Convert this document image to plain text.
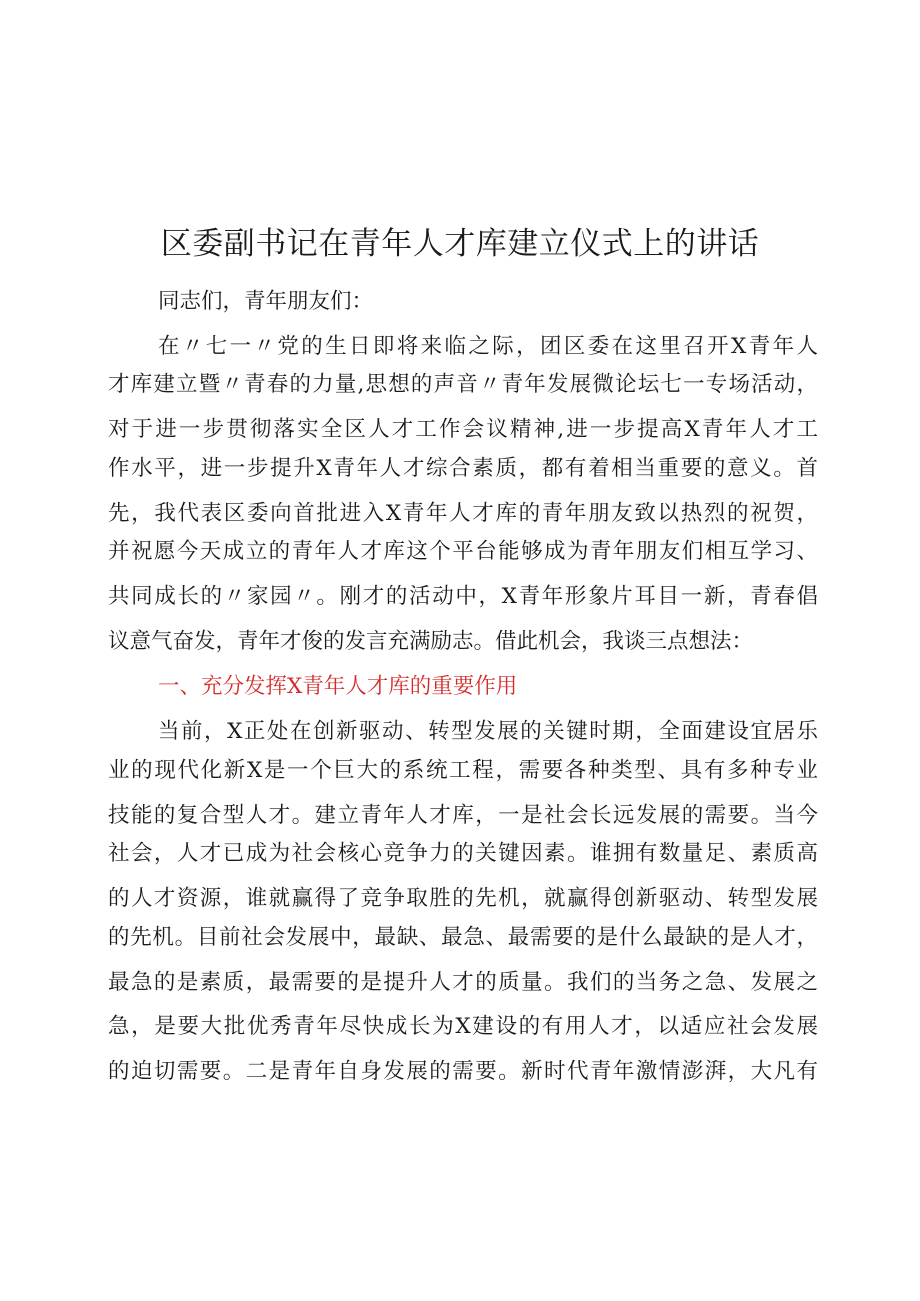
区委副书记在青年人才库建立仪式上的讲话
同志们，青年朋友们：
在〃七一〃党的生日即将来临之际，团区委在这里召开X青年人
才库建立暨〃青春的力量,思想的声音〃青年发展微论坛七一专场活动，
对于进一步贯彻落实全区人才工作会议精神,进一步提高X青年人才工
作水平，进一步提升X青年人才综合素质，都有着相当重要的意义。首
先，我代表区委向首批进入X青年人才库的青年朋友致以热烈的祝贺，
并祝愿今天成立的青年人才库这个平台能够成为青年朋友们相互学习、
共同成长的〃家园〃。刚才的活动中，X青年形象片耳目一新，青春倡
议意气奋发，青年才俊的发言充满励志。借此机会，我谈三点想法：
一、充分发挥X青年人才库的重要作用
当前，X正处在创新驱动、转型发展的关键时期，全面建设宜居乐
业的现代化新X是一个巨大的系统工程，需要各种类型、具有多种专业
技能的复合型人才。建立青年人才库，一是社会长远发展的需要。当今
社会，人才已成为社会核心竞争力的关键因素。谁拥有数量足、素质高
的人才资源，谁就赢得了竞争取胜的先机，就赢得创新驱动、转型发展
的先机。目前社会发展中，最缺、最急、最需要的是什么最缺的是人才，
最急的是素质，最需要的是提升人才的质量。我们的当务之急、发展之
急，是要大批优秀青年尽快成长为X建设的有用人才，以适应社会发展
的迫切需要。二是青年自身发展的需要。新时代青年激情澎湃，大凡有
